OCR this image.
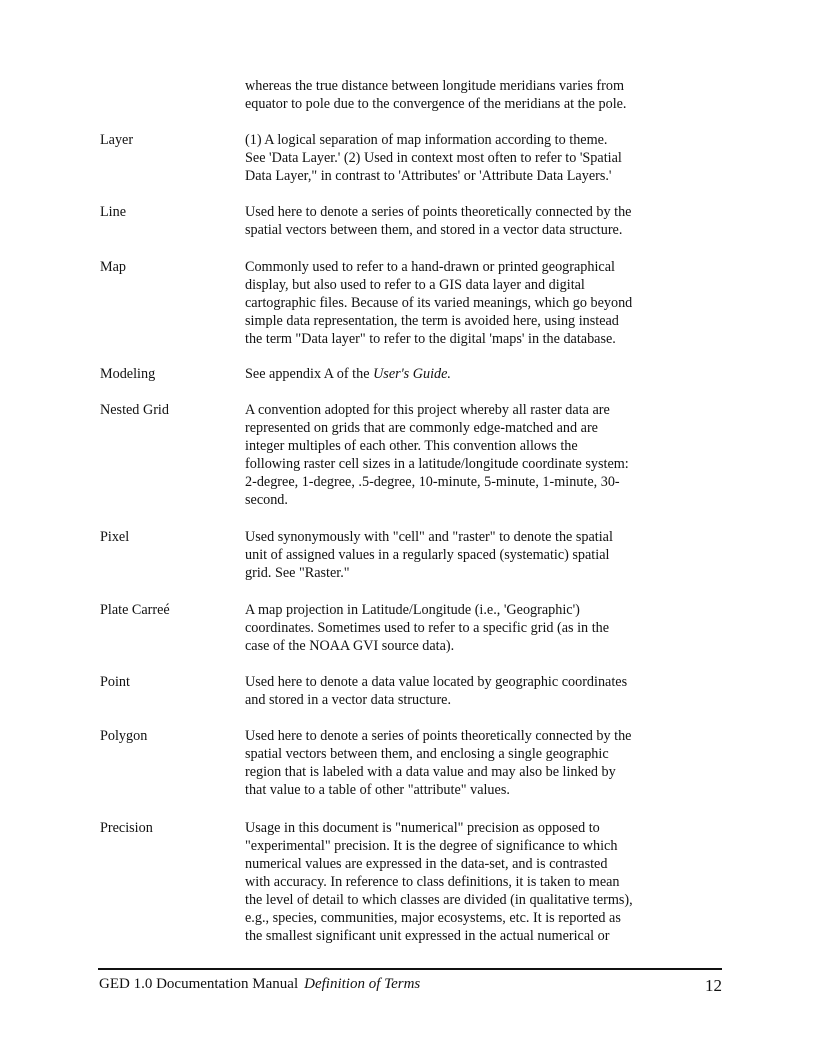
whereas the true distance between longitude meridians varies from
equator to pole due to the convergence of the meridians at the pole.
Layer	(1) A logical separation of map information according to theme.
See 'Data Layer.' (2) Used in context most often to refer to 'Spatial
Data Layer," in contrast to 'Attributes' or 'Attribute Data Layers.'
Line	Used here to denote a series of points theoretically connected by the
spatial vectors between them, and stored in a vector data structure.
Map	Commonly used to refer to a hand-drawn or printed geographical
display, but also used to refer to a GIS data layer and digital
cartographic files. Because of its varied meanings, which go beyond
simple data representation, the term is avoided here, using instead
the term "Data layer" to refer to the digital 'maps' in the database.
Modeling	See appendix A of the User's Guide.
Nested Grid	A convention adopted for this project whereby all raster data are
represented on grids that are commonly edge-matched and are
integer multiples of each other. This convention allows the
following raster cell sizes in a latitude/longitude coordinate system:
2-degree, 1-degree, .5-degree, 10-minute, 5-minute, 1-minute, 30-
second.
Pixel	Used synonymously with "cell" and "raster" to denote the spatial
unit of assigned values in a regularly spaced (systematic) spatial
grid. See "Raster."
Plate Carreé	A map projection in Latitude/Longitude (i.e., 'Geographic')
coordinates. Sometimes used to refer to a specific grid (as in the
case of the NOAA GVI source data).
Point	Used here to denote a data value located by geographic coordinates
and stored in a vector data structure.
Polygon	Used here to denote a series of points theoretically connected by the
spatial vectors between them, and enclosing a single geographic
region that is labeled with a data value and may also be linked by
that value to a table of other "attribute" values.
Precision	Usage in this document is "numerical" precision as opposed to
"experimental" precision. It is the degree of significance to which
numerical values are expressed in the data-set, and is contrasted
with accuracy. In reference to class definitions, it is taken to mean
the level of detail to which classes are divided (in qualitative terms),
e.g., species, communities, major ecosystems, etc. It is reported as
the smallest significant unit expressed in the actual numerical or
GED 1.0 Documentation Manual Definition of Terms	12
